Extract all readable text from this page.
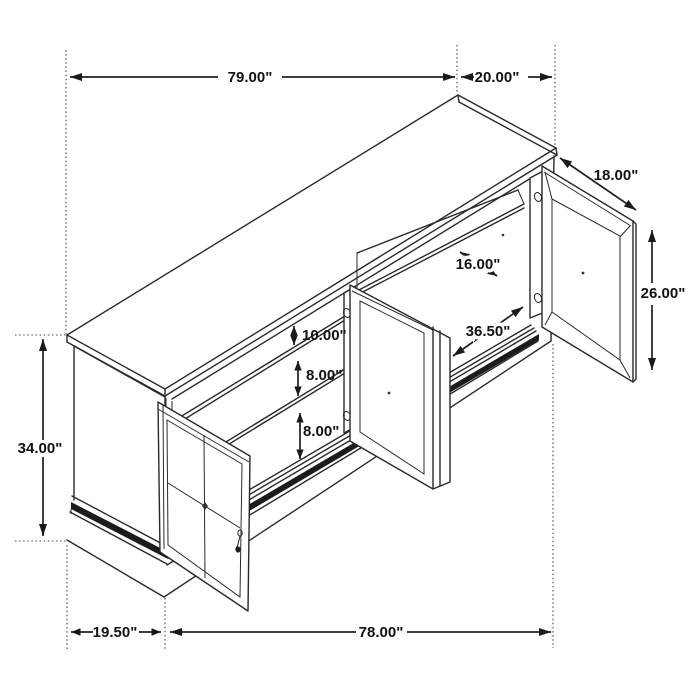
79.00"	20.00"
18.00"
26.00"
16.00"
36.50"
10.00"
8.00"
8.00"
34.00"
19.50"	78.00"
